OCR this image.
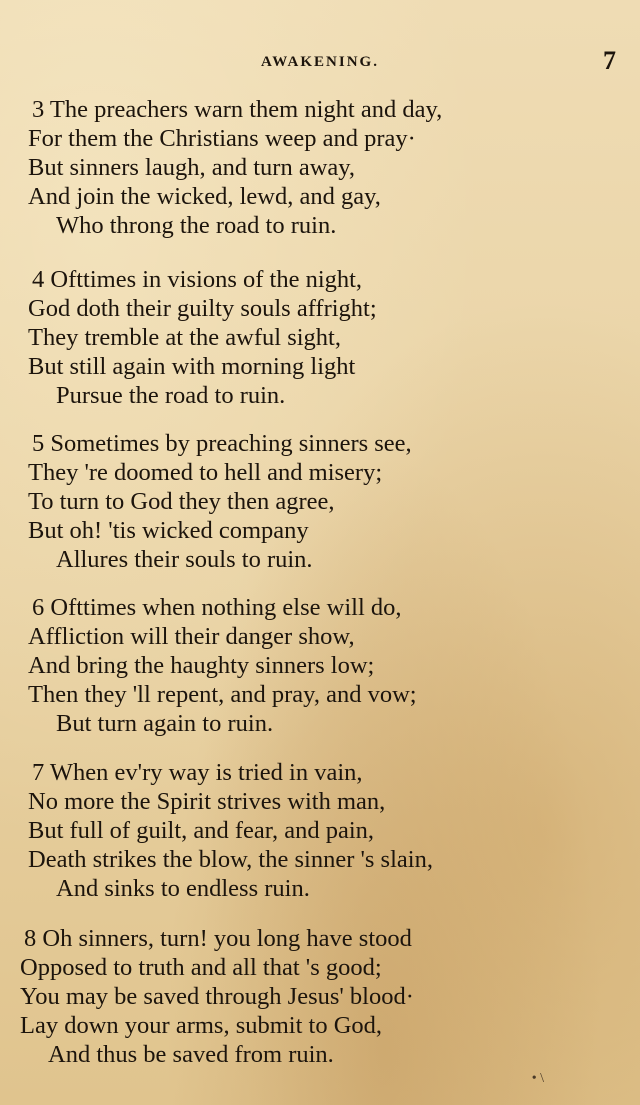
AWAKENING.	7
3 The preachers warn them night and day,
For them the Christians weep and pray·
But sinners laugh, and turn away,
And join the wicked, lewd, and gay,
Who throng the road to ruin.
4 Ofttimes in visions of the night,
God doth their guilty souls affright;
They tremble at the awful sight,
But still again with morning light
Pursue the road to ruin.
5 Sometimes by preaching sinners see,
They 're doomed to hell and misery;
To turn to God they then agree,
But oh! 'tis wicked company
Allures their souls to ruin.
6 Ofttimes when nothing else will do,
Affliction will their danger show,
And bring the haughty sinners low;
Then they 'll repent, and pray, and vow;
But turn again to ruin.
7 When ev'ry way is tried in vain,
No more the Spirit strives with man,
But full of guilt, and fear, and pain,
Death strikes the blow, the sinner 's slain,
And sinks to endless ruin.
8 Oh sinners, turn! you long have stood
Opposed to truth and all that 's good;
You may be saved through Jesus' blood·
Lay down your arms, submit to God,
And thus be saved from ruin.
• \
